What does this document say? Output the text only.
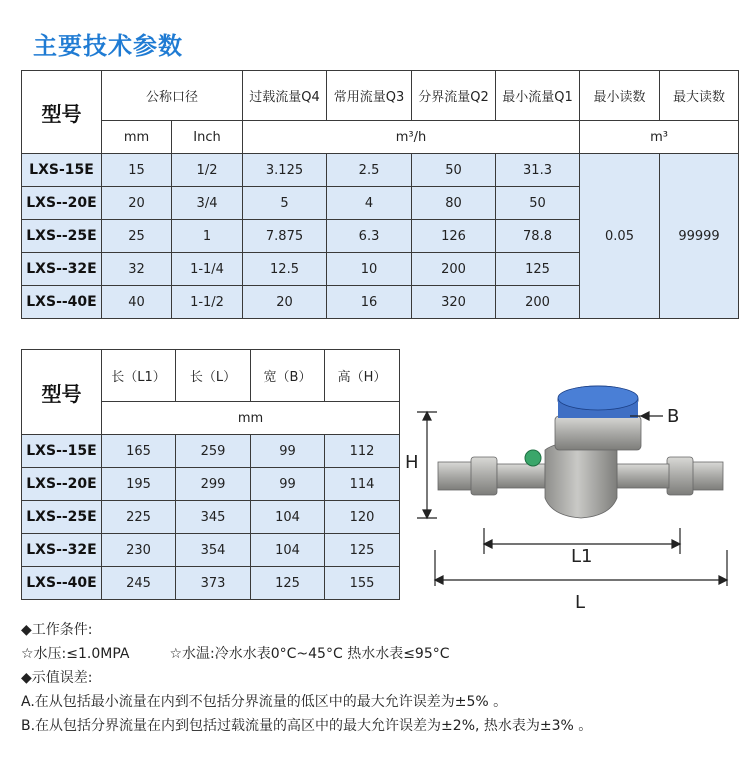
主要技术参数
型号	公称口径		过载流量Q4	常用流量Q3	分界流量Q2	最小流量Q1	最小读数	最大读数
	mm	Inch	m³/h				m³	
LXS-15E	15	1/2	3.125	2.5	50	31.3	0.05	99999
LXS--20E	20	3/4	5	4	80	50		
LXS--25E	25	1	7.875	6.3	126	78.8		
LXS--32E	32	1-1/4	12.5	10	200	125		
LXS--40E	40	1-1/2	20	16	320	200		
型号	长（L1）	长（L）	宽（B）	高（H）
	mm			
LXS--15E	165	259	99	112
LXS--20E	195	299	99	114
LXS--25E	225	345	104	120
LXS--32E	230	354	104	125
LXS--40E	245	373	125	155
H
B
L1
L
◆工作条件:
☆水压:≤1.0MPA	☆水温:冷水水表0°C~45°C 热水水表≤95°C
◆示值误差:
A.在从包括最小流量在内到不包括分界流量的低区中的最大允许误差为±5% 。
B.在从包括分界流量在内到包括过载流量的高区中的最大允许误差为±2%, 热水表为±3% 。
